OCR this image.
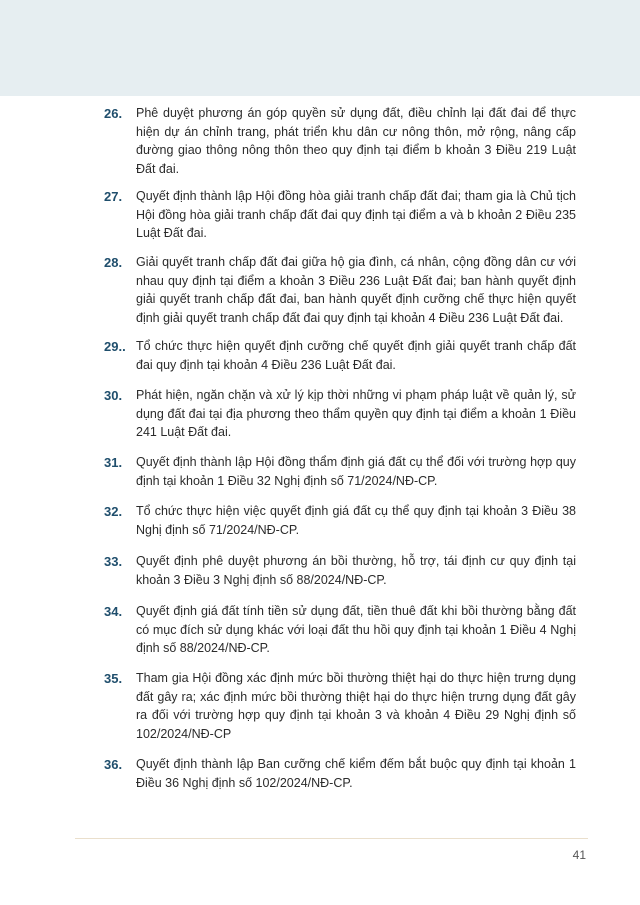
26. Phê duyệt phương án góp quyền sử dụng đất, điều chỉnh lại đất đai để thực hiện dự án chỉnh trang, phát triển khu dân cư nông thôn, mở rộng, nâng cấp đường giao thông nông thôn theo quy định tại điểm b khoản 3 Điều 219 Luật Đất đai.
27. Quyết định thành lập Hội đồng hòa giải tranh chấp đất đai; tham gia là Chủ tịch Hội đồng hòa giải tranh chấp đất đai quy định tại điểm a và b khoản 2 Điều 235 Luật Đất đai.
28. Giải quyết tranh chấp đất đai giữa hộ gia đình, cá nhân, cộng đồng dân cư với nhau quy định tại điểm a khoản 3 Điều 236 Luật Đất đai; ban hành quyết định giải quyết tranh chấp đất đai, ban hành quyết định cưỡng chế thực hiện quyết định giải quyết tranh chấp đất đai quy định tại khoản 4 Điều 236 Luật Đất đai.
29.. Tổ chức thực hiện quyết định cưỡng chế quyết định giải quyết tranh chấp đất đai quy định tại khoản 4 Điều 236 Luật Đất đai.
30. Phát hiện, ngăn chặn và xử lý kịp thời những vi phạm pháp luật về quản lý, sử dụng đất đai tại địa phương theo thẩm quyền quy định tại điểm a khoản 1 Điều 241 Luật Đất đai.
31. Quyết định thành lập Hội đồng thẩm định giá đất cụ thể đối với trường hợp quy định tại khoản 1 Điều 32 Nghị định số 71/2024/NĐ-CP.
32. Tổ chức thực hiện việc quyết định giá đất cụ thể quy định tại khoản 3 Điều 38 Nghị định số 71/2024/NĐ-CP.
33. Quyết định phê duyệt phương án bồi thường, hỗ trợ, tái định cư quy định tại khoản 3 Điều 3 Nghị định số 88/2024/NĐ-CP.
34. Quyết định giá đất tính tiền sử dụng đất, tiền thuê đất khi bồi thường bằng đất có mục đích sử dụng khác với loại đất thu hồi quy định tại khoản 1 Điều 4 Nghị định số 88/2024/NĐ-CP.
35. Tham gia Hội đồng xác định mức bồi thường thiệt hại do thực hiện trưng dụng đất gây ra; xác định mức bồi thường thiệt hại do thực hiện trưng dụng đất gây ra đối với trường hợp quy định tại khoản 3 và khoản 4 Điều 29 Nghị định số 102/2024/NĐ-CP
36. Quyết định thành lập Ban cưỡng chế kiểm đếm bắt buộc quy định tại khoản 1 Điều 36 Nghị định số 102/2024/NĐ-CP.
41
